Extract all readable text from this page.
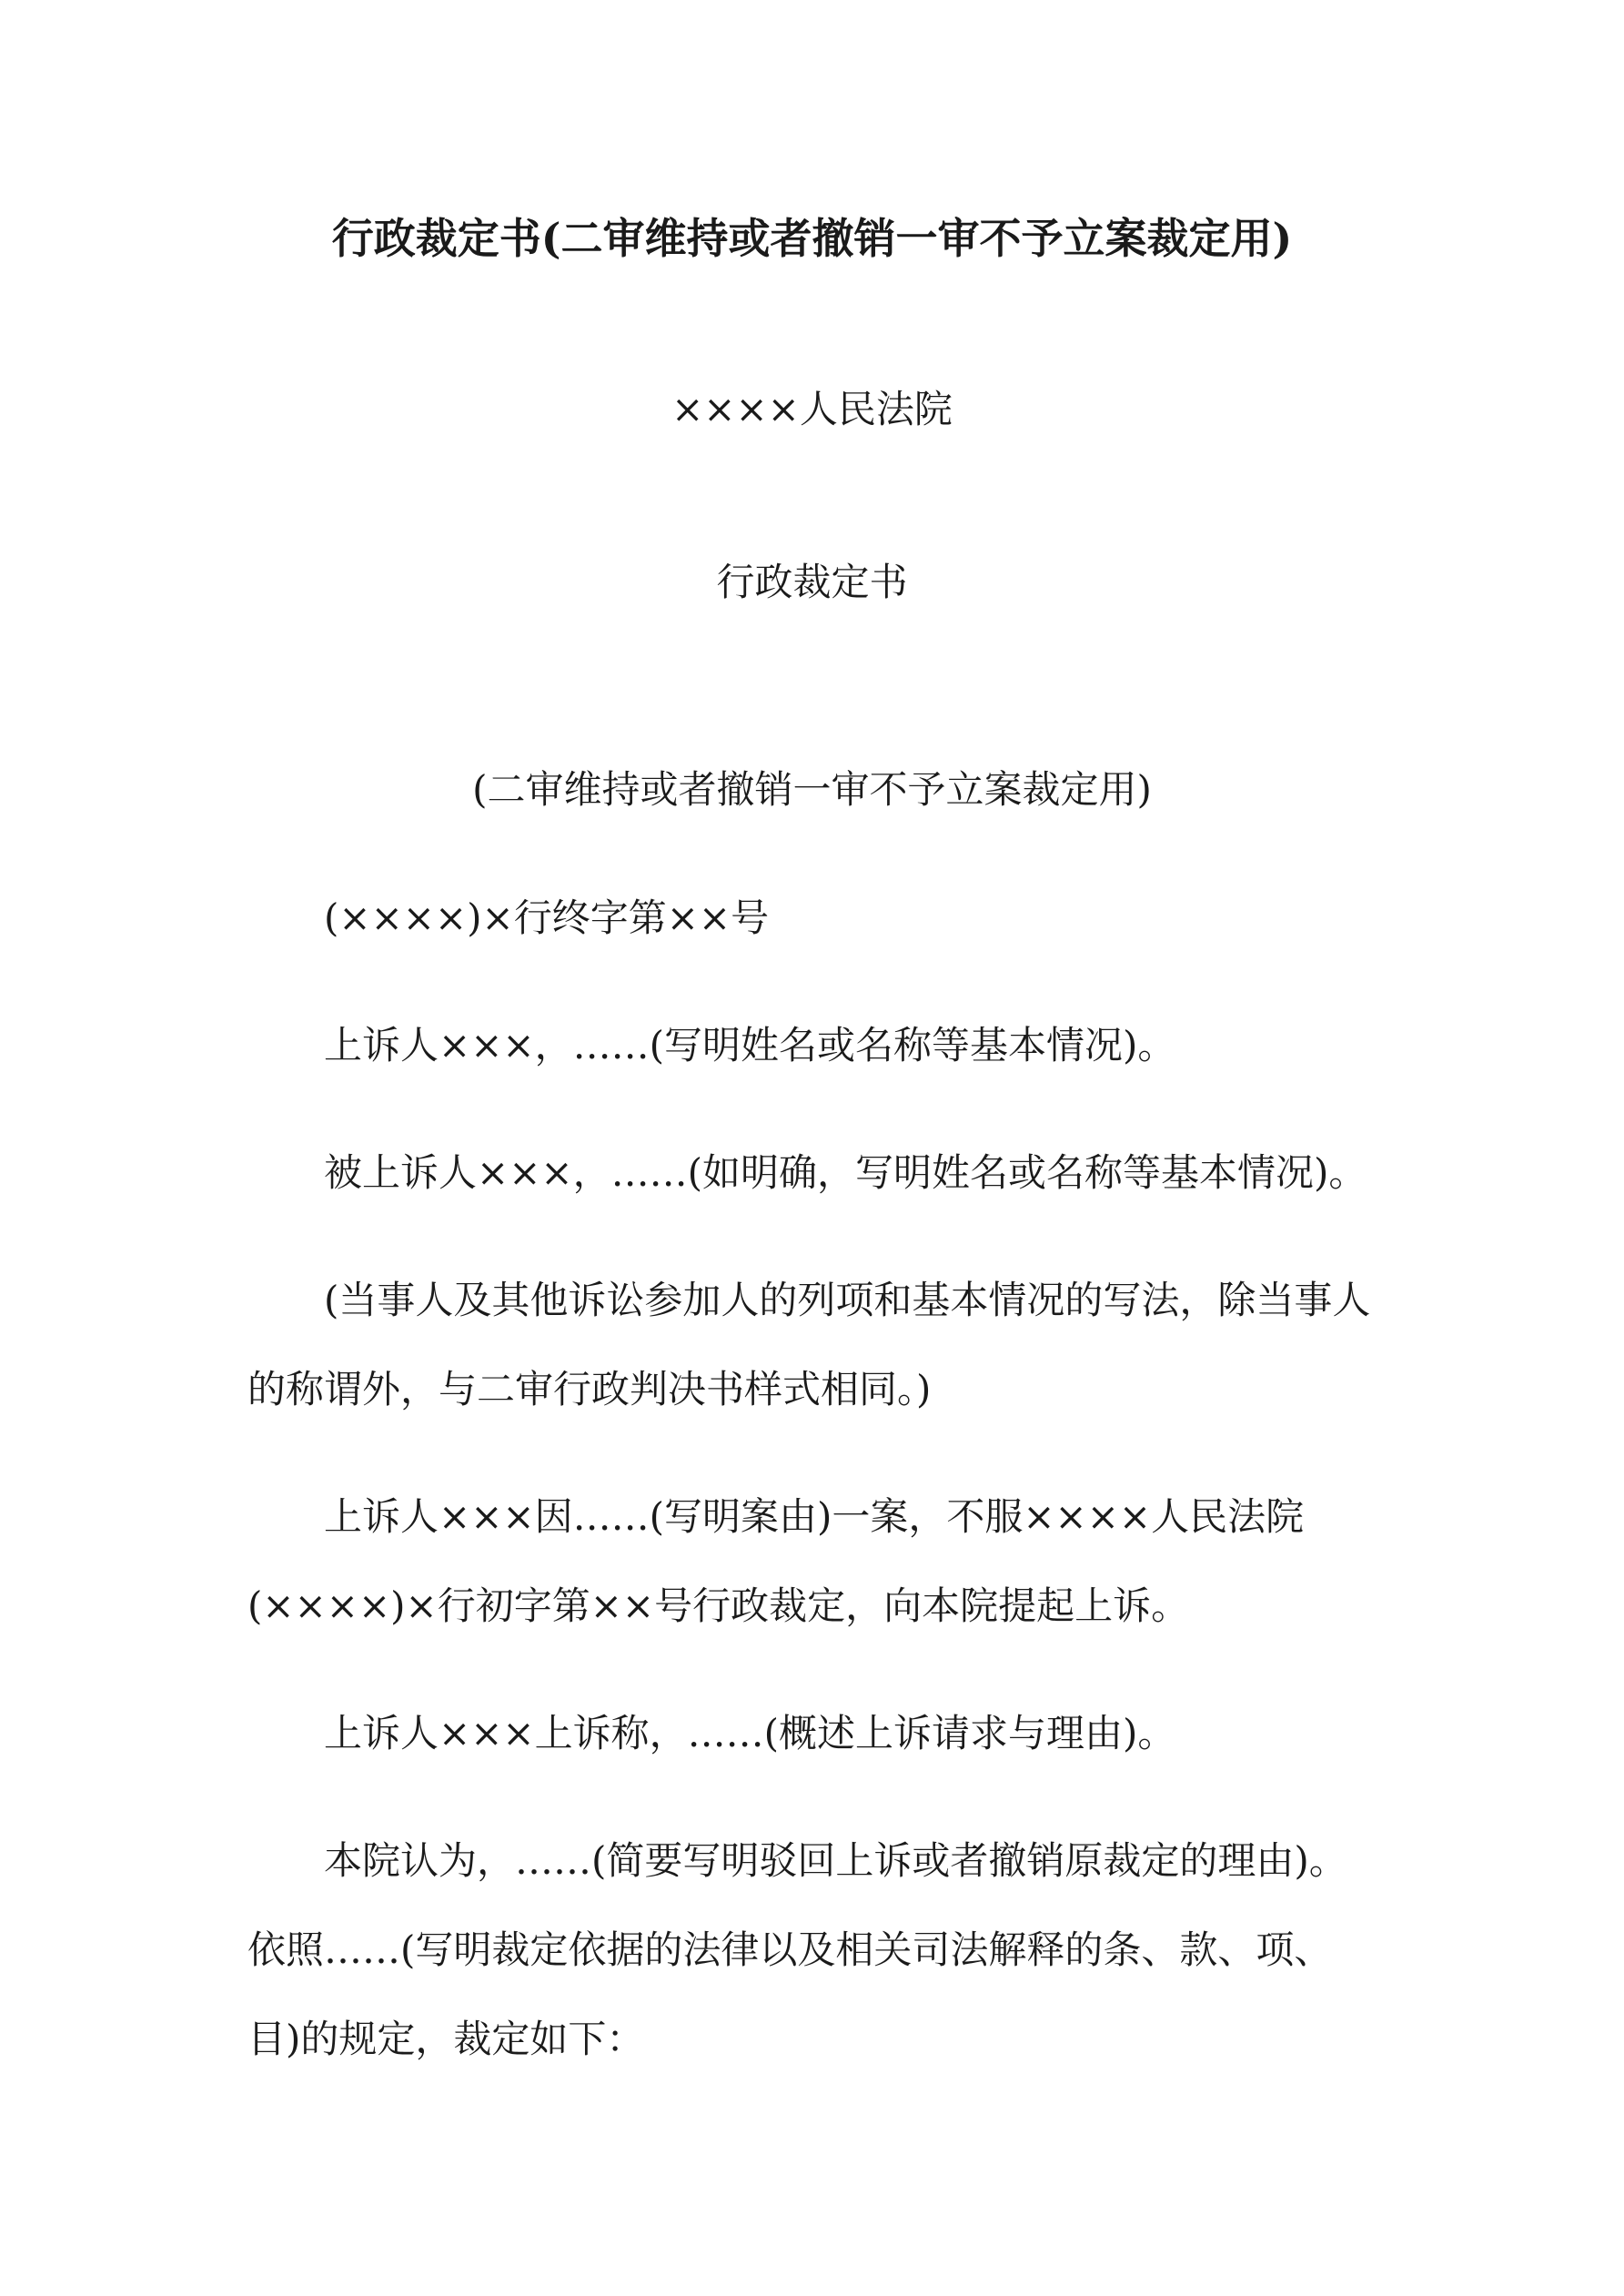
行政裁定书(二审维持或者撤销一审不予立案裁定用)
××××人民法院
行政裁定书
(二审维持或者撤销一审不予立案裁定用)

(××××)×行终字第××号

上诉人×××，……(写明姓名或名称等基本情况)。

被上诉人×××，……(如明确，写明姓名或名称等基本情况)。

(当事人及其他诉讼参加人的列项和基本情况的写法，除当事人的称谓外，与二审行政判决书样式相同。)

上诉人×××因……(写明案由)一案，不服××××人民法院(××××)×行初字第××号行政裁定，向本院提起上诉。

上诉人×××上诉称，……(概述上诉请求与理由)。

本院认为，……(简要写明驳回上诉或者撤销原裁定的理由)。依照……(写明裁定依据的法律以及相关司法解释的条、款、项、目)的规定，裁定如下：
